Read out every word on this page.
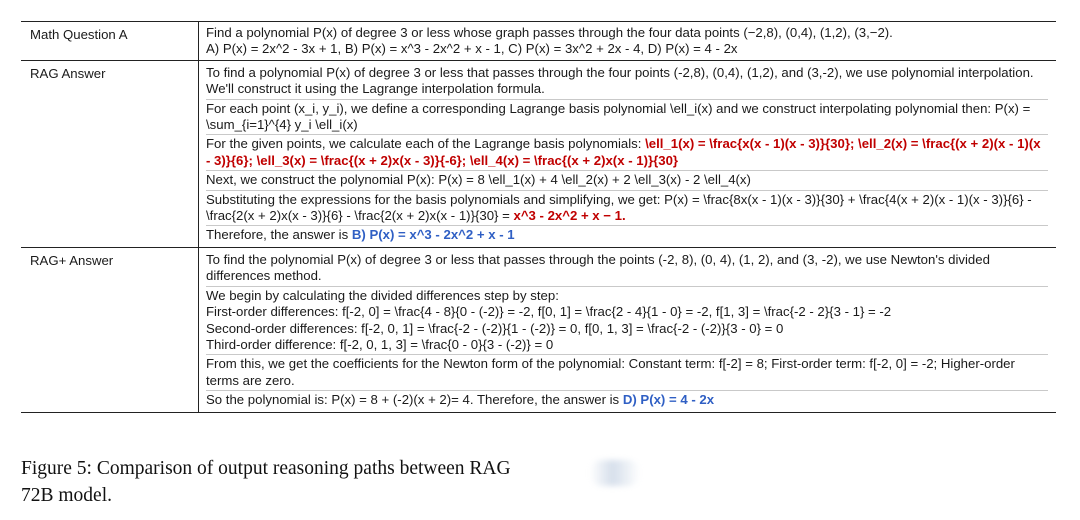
Math Question A	Find a polynomial P(x) of degree 3 or less whose graph passes through the four data points (−2,8), (0,4), (1,2), (3,−2).
A) P(x) = 2x^2 - 3x + 1, B) P(x) = x^3 - 2x^2 + x - 1, C) P(x) = 3x^2 + 2x - 4, D) P(x) = 4 - 2x
RAG Answer	To find a polynomial P(x) of degree 3 or less that passes through the four points (-2,8), (0,4), (1,2), and (3,-2), we use polynomial interpolation. We'll construct it using the Lagrange interpolation formula.
For each point (x_i, y_i), we define a corresponding Lagrange basis polynomial \ell_i(x) and we construct interpolating polynomial then: P(x) = \sum_{i=1}^{4} y_i \ell_i(x)
For the given points, we calculate each of the Lagrange basis polynomials: \ell_1(x) = \frac{x(x - 1)(x - 3)}{30}; \ell_2(x) = \frac{(x + 2)(x - 1)(x - 3)}{6}; \ell_3(x) = \frac{(x + 2)x(x - 3)}{-6}; \ell_4(x) = \frac{(x + 2)x(x - 1)}{30}
Next, we construct the polynomial P(x): P(x) = 8 \ell_1(x) + 4 \ell_2(x) + 2 \ell_3(x) - 2 \ell_4(x)
Substituting the expressions for the basis polynomials and simplifying, we get: P(x) = \frac{8x(x - 1)(x - 3)}{30} + \frac{4(x + 2)(x - 1)(x - 3)}{6} - \frac{2(x + 2)x(x - 3)}{6} - \frac{2(x + 2)x(x - 1)}{30} = x^3 - 2x^2 + x − 1.
Therefore, the answer is B) P(x) = x^3 - 2x^2 + x - 1
RAG+ Answer	To find the polynomial P(x) of degree 3 or less that passes through the points (-2, 8), (0, 4), (1, 2), and (3, -2), we use Newton's divided differences method.
We begin by calculating the divided differences step by step:
First-order differences: f[-2, 0] = \frac{4 - 8}{0 - (-2)} = -2, f[0, 1] = \frac{2 - 4}{1 - 0} = -2, f[1, 3] = \frac{-2 - 2}{3 - 1} = -2
Second-order differences: f[-2, 0, 1] = \frac{-2 - (-2)}{1 - (-2)} = 0, f[0, 1, 3] = \frac{-2 - (-2)}{3 - 0} = 0
Third-order difference: f[-2, 0, 1, 3] = \frac{0 - 0}{3 - (-2)} = 0
From this, we get the coefficients for the Newton form of the polynomial: Constant term: f[-2] = 8; First-order term: f[-2, 0] = -2; Higher-order terms are zero.
So the polynomial is: P(x) = 8 + (-2)(x + 2)= 4. Therefore, the answer is D) P(x) = 4 - 2x
Figure 5: Comparison of output reasoning paths between RAG
72B model.
